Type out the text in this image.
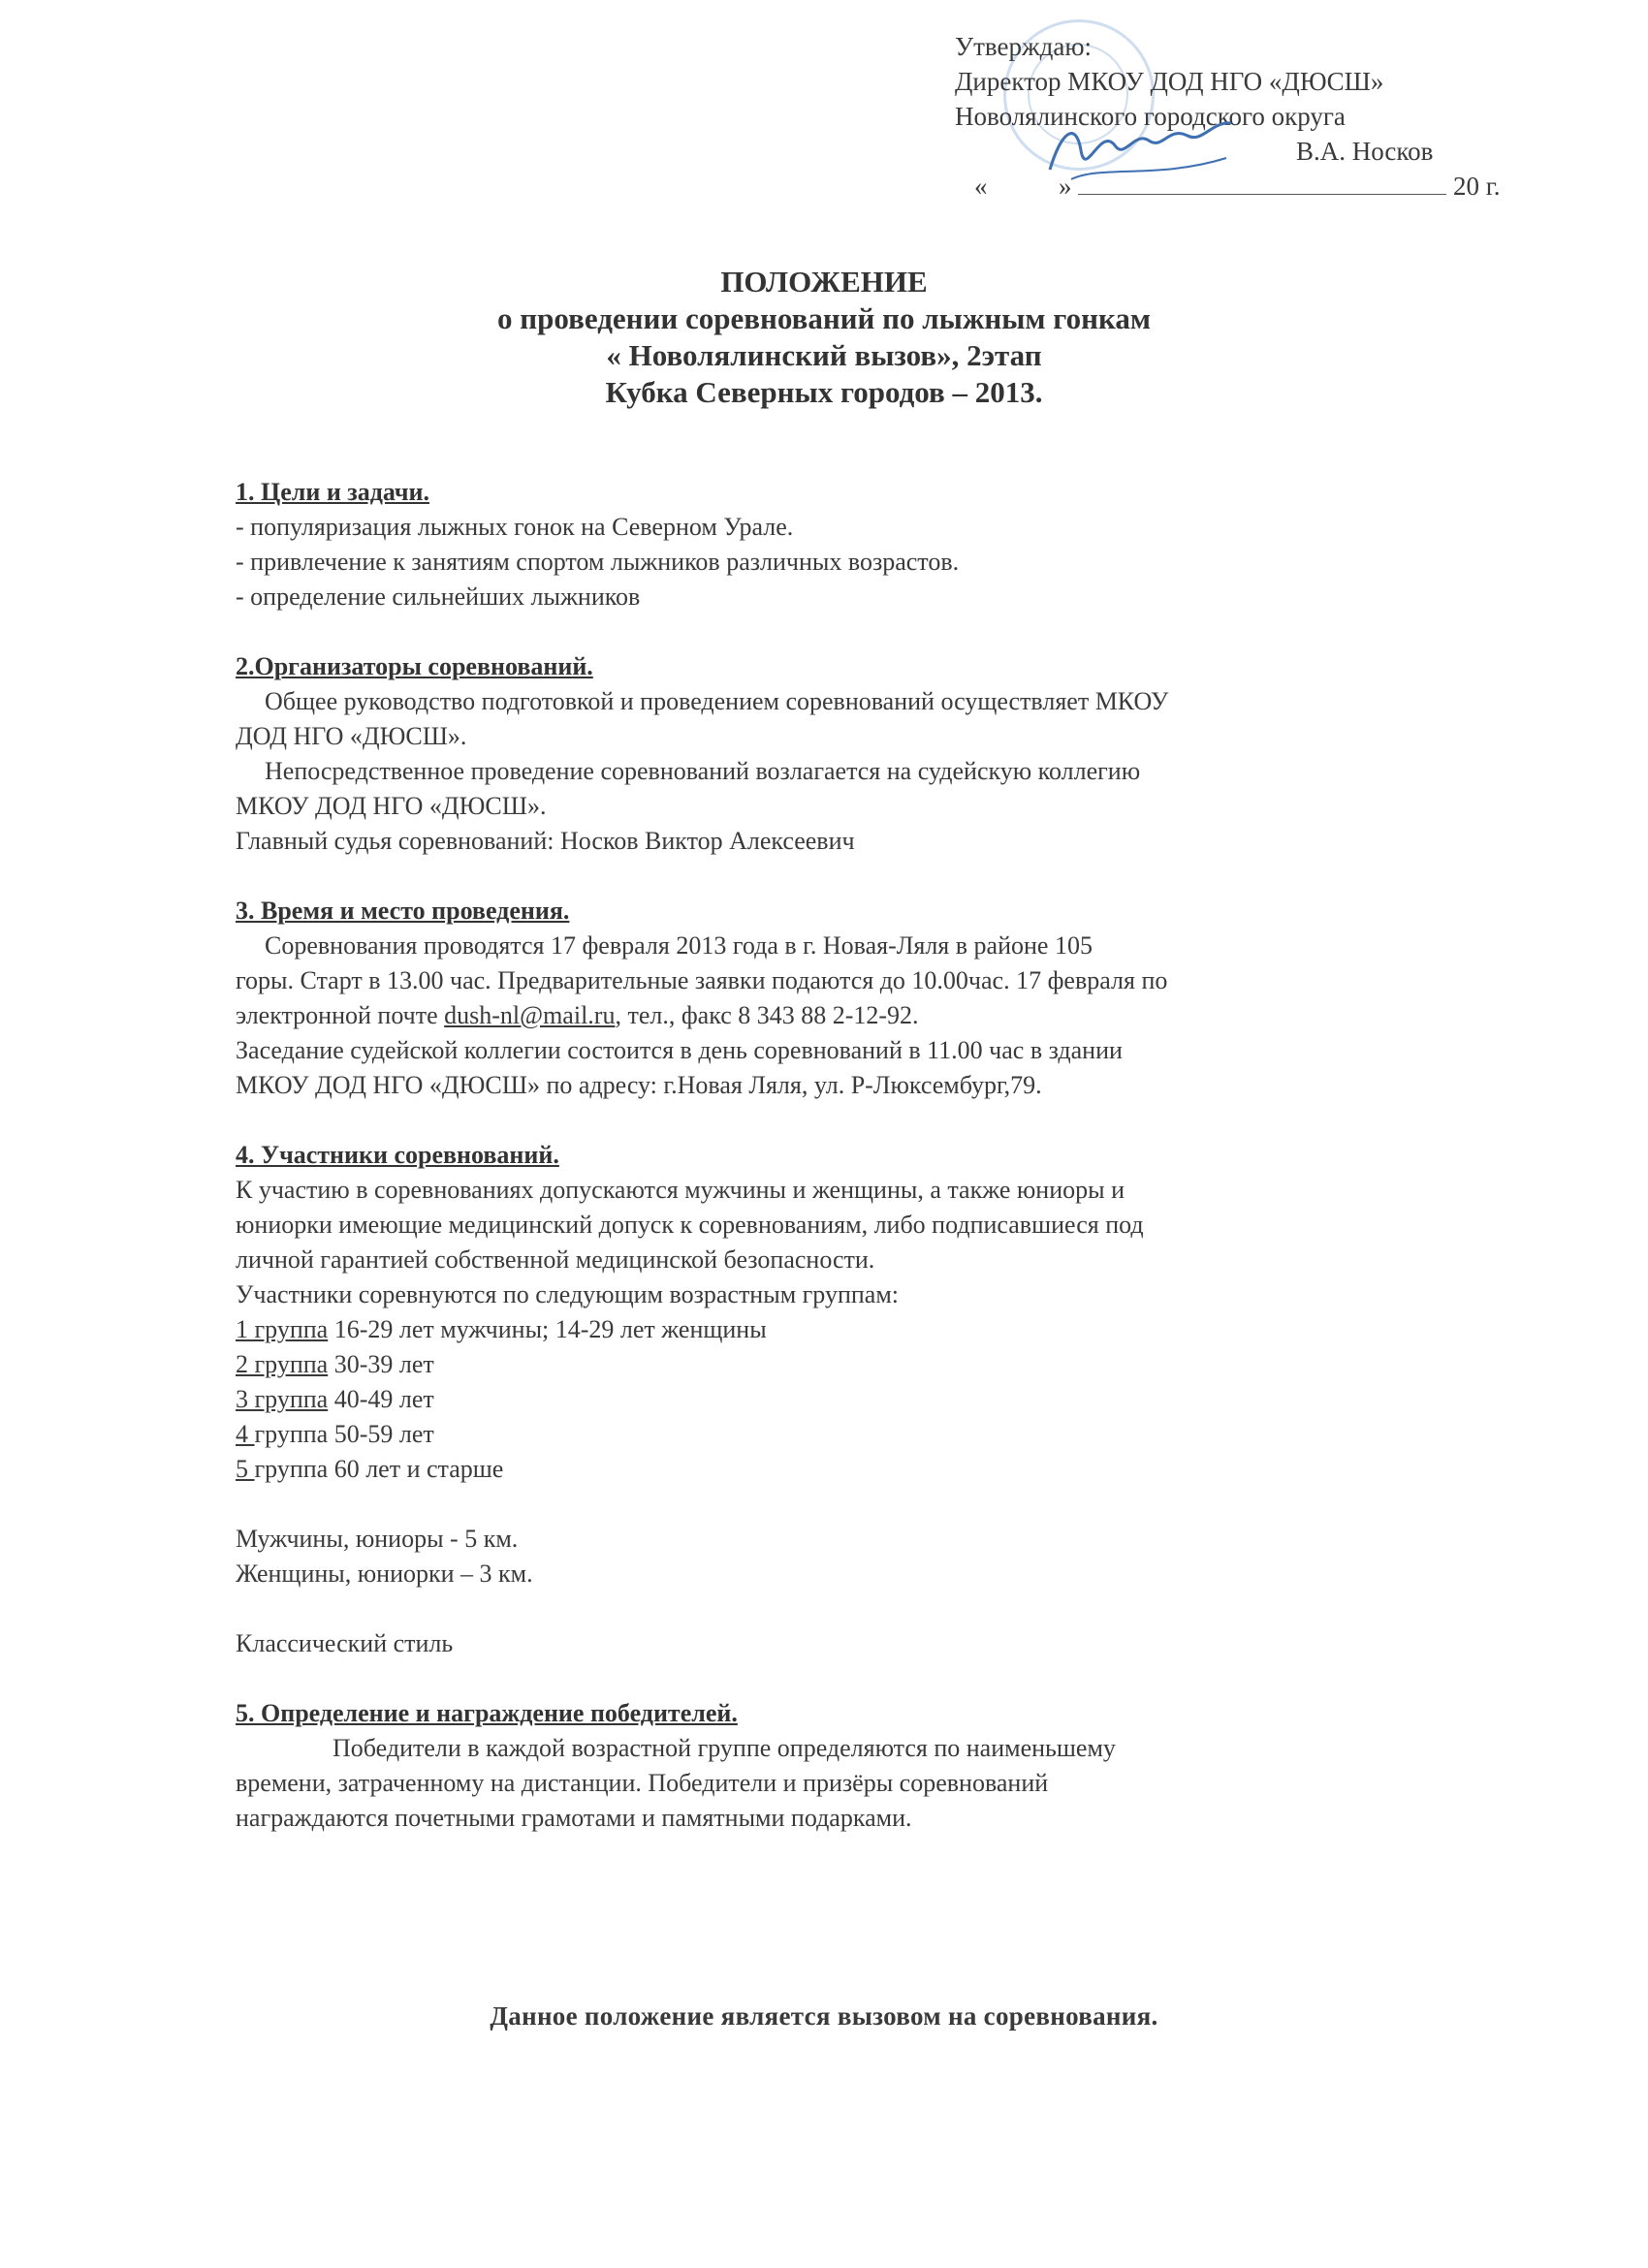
Утверждаю:
Директор МКОУ ДОД НГО «ДЮСШ»
Новолялинского городского округа
В.А. Носков
«	»	20 г.
ПОЛОЖЕНИЕ
о проведении соревнований по лыжным гонкам
« Новолялинский вызов», 2этап
Кубка Северных городов – 2013.
1. Цели и задачи.
- популяризация лыжных гонок на Северном Урале.
- привлечение к занятиям спортом лыжников различных возрастов.
- определение сильнейших лыжников
2.Организаторы соревнований.
Общее руководство подготовкой и проведением соревнований осуществляет МКОУ
ДОД НГО «ДЮСШ».
Непосредственное проведение соревнований возлагается на судейскую коллегию
МКОУ ДОД НГО «ДЮСШ».
Главный судья соревнований: Носков Виктор Алексеевич
3. Время и место проведения.
Соревнования проводятся 17 февраля 2013 года в г. Новая-Ляля в районе 105
горы. Старт в 13.00 час. Предварительные заявки подаются до 10.00час. 17 февраля по
электронной почте dush-nl@mail.ru, тел., факс 8 343 88 2-12-92.
Заседание судейской коллегии состоится в день соревнований в 11.00 час в здании
МКОУ ДОД НГО «ДЮСШ» по адресу: г.Новая Ляля, ул. Р-Люксембург,79.
4. Участники соревнований.
К участию в соревнованиях допускаются мужчины и женщины, а также юниоры и
юниорки имеющие медицинский допуск к соревнованиям, либо подписавшиеся под
личной гарантией собственной медицинской безопасности.
Участники соревнуются по следующим возрастным группам:
1 группа 16-29 лет мужчины; 14-29 лет женщины
2 группа 30-39 лет
3 группа 40-49 лет
4 группа 50-59 лет
5 группа 60 лет и старше
Мужчины, юниоры - 5 км.
Женщины, юниорки – 3 км.
Классический стиль
5. Определение и награждение победителей.
Победители в каждой возрастной группе определяются по наименьшему
времени, затраченному на дистанции. Победители и призёры соревнований
награждаются почетными грамотами и памятными подарками.
Данное положение является вызовом на соревнования.
